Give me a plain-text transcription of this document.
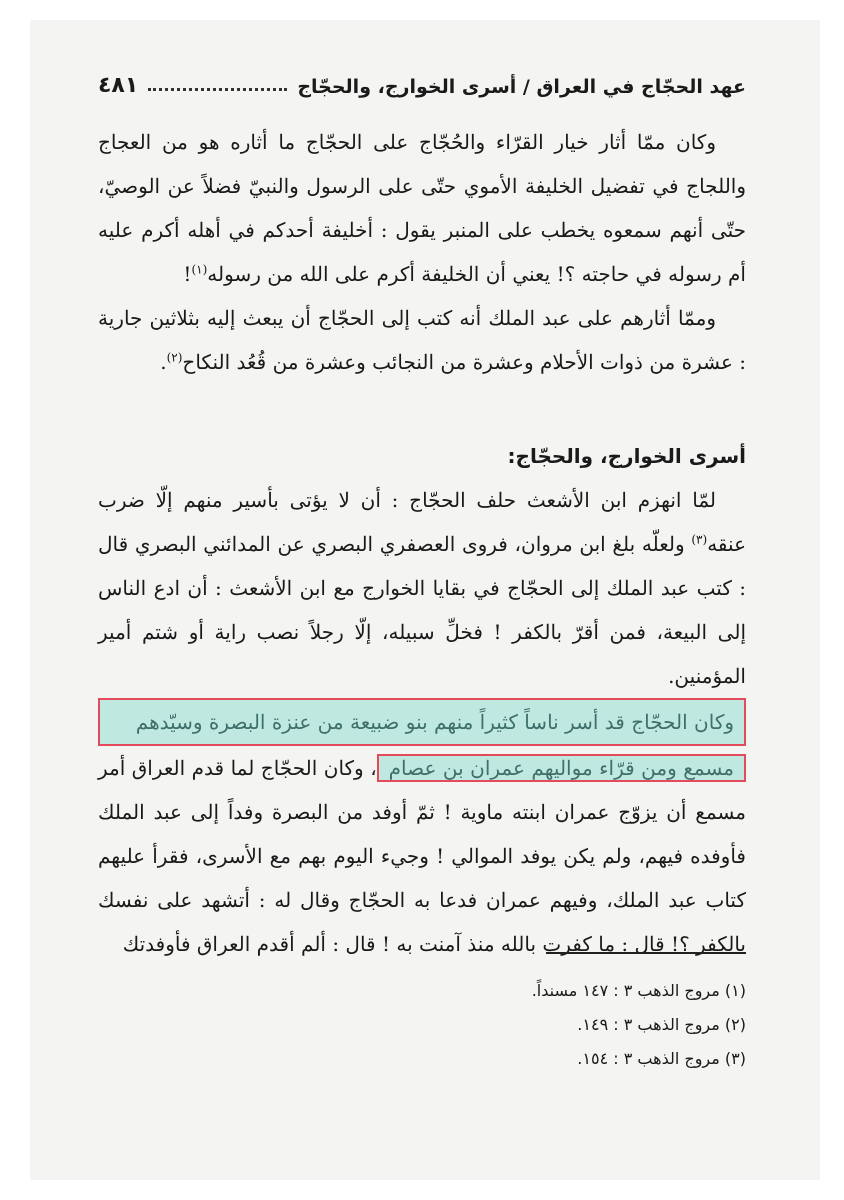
عهد الحجّاج في العراق / أسرى الخوارج، والحجّاج
٤٨١

وكان ممّا أثار خيار القرّاء والحُجّاج على الحجّاج ما أثاره هو من العجاج واللجاج في تفضيل الخليفة الأموي حتّى على الرسول والنبيّ فضلاً عن الوصيّ، حتّى أنهم سمعوه يخطب على المنبر يقول : أخليفة أحدكم في أهله أكرم عليه أم رسوله في حاجته ؟! يعني أن الخليفة أكرم على الله من رسوله$^{(١)}$!

وممّا أثارهم على عبد الملك أنه كتب إلى الحجّاج أن يبعث إليه بثلاثين جارية : عشرة من ذوات الأحلام وعشرة من النجائب وعشرة من قُعُد النكاح$^{(٢)}$.

أسرى الخوارج، والحجّاج:

لمّا انهزم ابن الأشعث حلف الحجّاج : أن لا يؤتى بأسير منهم إلّا ضرب عنقه$^{(٣)}$ ولعلّه بلغ ابن مروان، فروى العصفري البصري عن المدائني البصري قال : كتب عبد الملك إلى الحجّاج في بقايا الخوارج مع ابن الأشعث : أن ادع الناس إلى البيعة، فمن أقرّ بالكفر ! فخلِّ سبيله، إلّا رجلاً نصب راية أو شتم أمير المؤمنين.

وكان الحجّاج قد أسر ناساً كثيراً منهم بنو ضبيعة من عنزة البصرة وسيّدهم
مسمع ومن قرّاء مواليهم عمران بن عصام، وكان الحجّاج لما قدم العراق أمر مسمع أن يزوّج عمران ابنته ماوية ! ثمّ أوفد من البصرة وفداً إلى عبد الملك فأوفده فيهم، ولم يكن يوفد الموالي ! وجيء اليوم بهم مع الأسرى، فقرأ عليهم كتاب عبد الملك، وفيهم عمران فدعا به الحجّاج وقال له : أتشهد على نفسك بالكفر ؟! قال : ما كفرت بالله منذ آمنت به ! قال : ألم أقدم العراق فأوفدتك

(١) مروج الذهب ٣ : ١٤٧ مسنداً.

(٢) مروج الذهب ٣ : ١٤٩.

(٣) مروج الذهب ٣ : ١٥٤.
